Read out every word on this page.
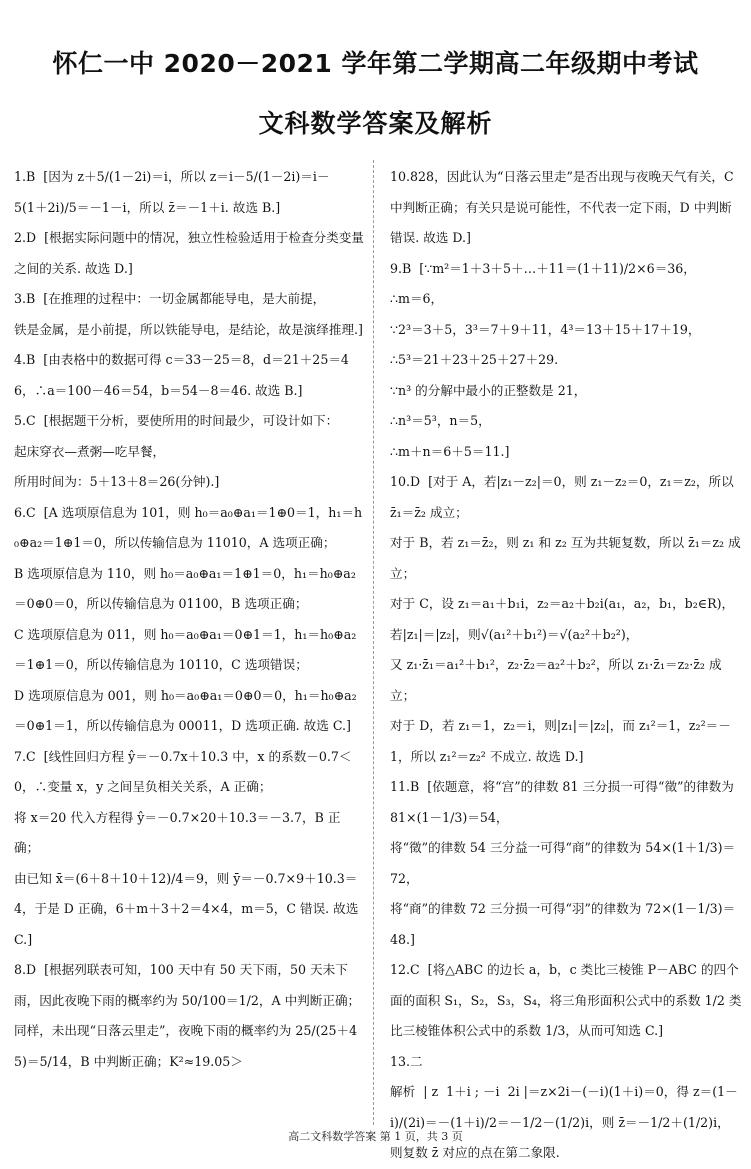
怀仁一中 2020－2021 学年第二学期高二年级期中考试
文科数学答案及解析

1.B  [因为 z＋5/(1－2i)＝i，所以 z＝i－5/(1－2i)＝i－
5(1＋2i)/5＝－1－i，所以 z̄＝－1＋i. 故选 B.]

2.D  [根据实际问题中的情况，独立性检验适用于检查分类变量之间的关系. 故选 D.]

3.B  [在推理的过程中：一切金属都能导电，是大前提，
铁是金属，是小前提，所以铁能导电，是结论，故是演绎推理.]

4.B  [由表格中的数据可得 c＝33－25＝8，d＝21＋25＝46，∴a＝100－46＝54，b＝54－8＝46. 故选 B.]

5.C  [根据题干分析，要使所用的时间最少，可设计如下：
起床穿衣—煮粥—吃早餐，
所用时间为：5＋13＋8＝26(分钟).]

6.C  [A 选项原信息为 101，则 h₀＝a₀⊕a₁＝1⊕0＝1，h₁＝h₀⊕a₂＝1⊕1＝0，所以传输信息为 11010，A 选项正确；
B 选项原信息为 110，则 h₀＝a₀⊕a₁＝1⊕1＝0，h₁＝h₀⊕a₂＝0⊕0＝0，所以传输信息为 01100，B 选项正确；
C 选项原信息为 011，则 h₀＝a₀⊕a₁＝0⊕1＝1，h₁＝h₀⊕a₂＝1⊕1＝0，所以传输信息为 10110，C 选项错误；
D 选项原信息为 001，则 h₀＝a₀⊕a₁＝0⊕0＝0，h₁＝h₀⊕a₂＝0⊕1＝1，所以传输信息为 00011，D 选项正确. 故选 C.]

7.C  [线性回归方程 ŷ＝－0.7x＋10.3 中，x 的系数－0.7＜0，∴变量 x，y 之间呈负相关关系，A 正确；
将 x＝20 代入方程得 ŷ＝－0.7×20＋10.3＝－3.7，B 正确；
由已知 x̄＝(6＋8＋10＋12)/4＝9，则 ȳ＝－0.7×9＋10.3＝4，于是 D 正确，6＋m＋3＋2＝4×4，m＝5，C 错误. 故选 C.]

8.D  [根据列联表可知，100 天中有 50 天下雨，50 天未下雨，因此夜晚下雨的概率约为 50/100＝1/2，A 中判断正确；同样，未出现“日落云里走”，夜晚下雨的概率约为 25/(25＋45)＝5/14，B 中判断正确；K²≈19.05＞

10.828，因此认为“日落云里走”是否出现与夜晚天气有关，C 中判断正确；有关只是说可能性，不代表一定下雨，D 中判断错误. 故选 D.]

9.B  [∵m²＝1＋3＋5＋…＋11＝(1＋11)/2×6＝36，
∴m＝6，
∵2³＝3＋5，3³＝7＋9＋11，4³＝13＋15＋17＋19，
∴5³＝21＋23＋25＋27＋29.
∵n³ 的分解中最小的正整数是 21，
∴n³＝5³，n＝5，
∴m＋n＝6＋5＝11.]

10.D  [对于 A，若|z₁－z₂|＝0，则 z₁－z₂＝0，z₁＝z₂，所以 z̄₁＝z̄₂ 成立；
对于 B，若 z₁＝z̄₂，则 z₁ 和 z₂ 互为共轭复数，所以 z̄₁＝z₂ 成立；
对于 C，设 z₁＝a₁＋b₁i，z₂＝a₂＋b₂i(a₁，a₂，b₁，b₂∈R)，
若|z₁|＝|z₂|，则√(a₁²＋b₁²)＝√(a₂²＋b₂²)，
又 z₁·z̄₁＝a₁²＋b₁²，z₂·z̄₂＝a₂²＋b₂²，所以 z₁·z̄₁＝z₂·z̄₂ 成立；
对于 D，若 z₁＝1，z₂＝i，则|z₁|＝|z₂|，而 z₁²＝1，z₂²＝－1，所以 z₁²＝z₂² 不成立. 故选 D.]

11.B  [依题意，将“宫”的律数 81 三分损一可得“徵”的律数为 81×(1－1/3)＝54，
将“徵”的律数 54 三分益一可得“商”的律数为 54×(1＋1/3)＝72，
将“商”的律数 72 三分损一可得“羽”的律数为 72×(1－1/3)＝48.]

12.C  [将△ABC 的边长 a，b，c 类比三棱锥 P－ABC 的四个面的面积 S₁，S₂，S₃，S₄，将三角形面积公式中的系数 1/2 类比三棱锥体积公式中的系数 1/3，从而可知选 C.]

13.二
解析  | z  1＋i ; －i  2i |＝z×2i－(－i)(1＋i)＝0，得 z＝(1－i)/(2i)＝－(1＋i)/2＝－1/2－(1/2)i，则 z̄＝－1/2＋(1/2)i，则复数 z̄ 对应的点在第二象限.

高二文科数学答案 第 1 页，共 3 页
